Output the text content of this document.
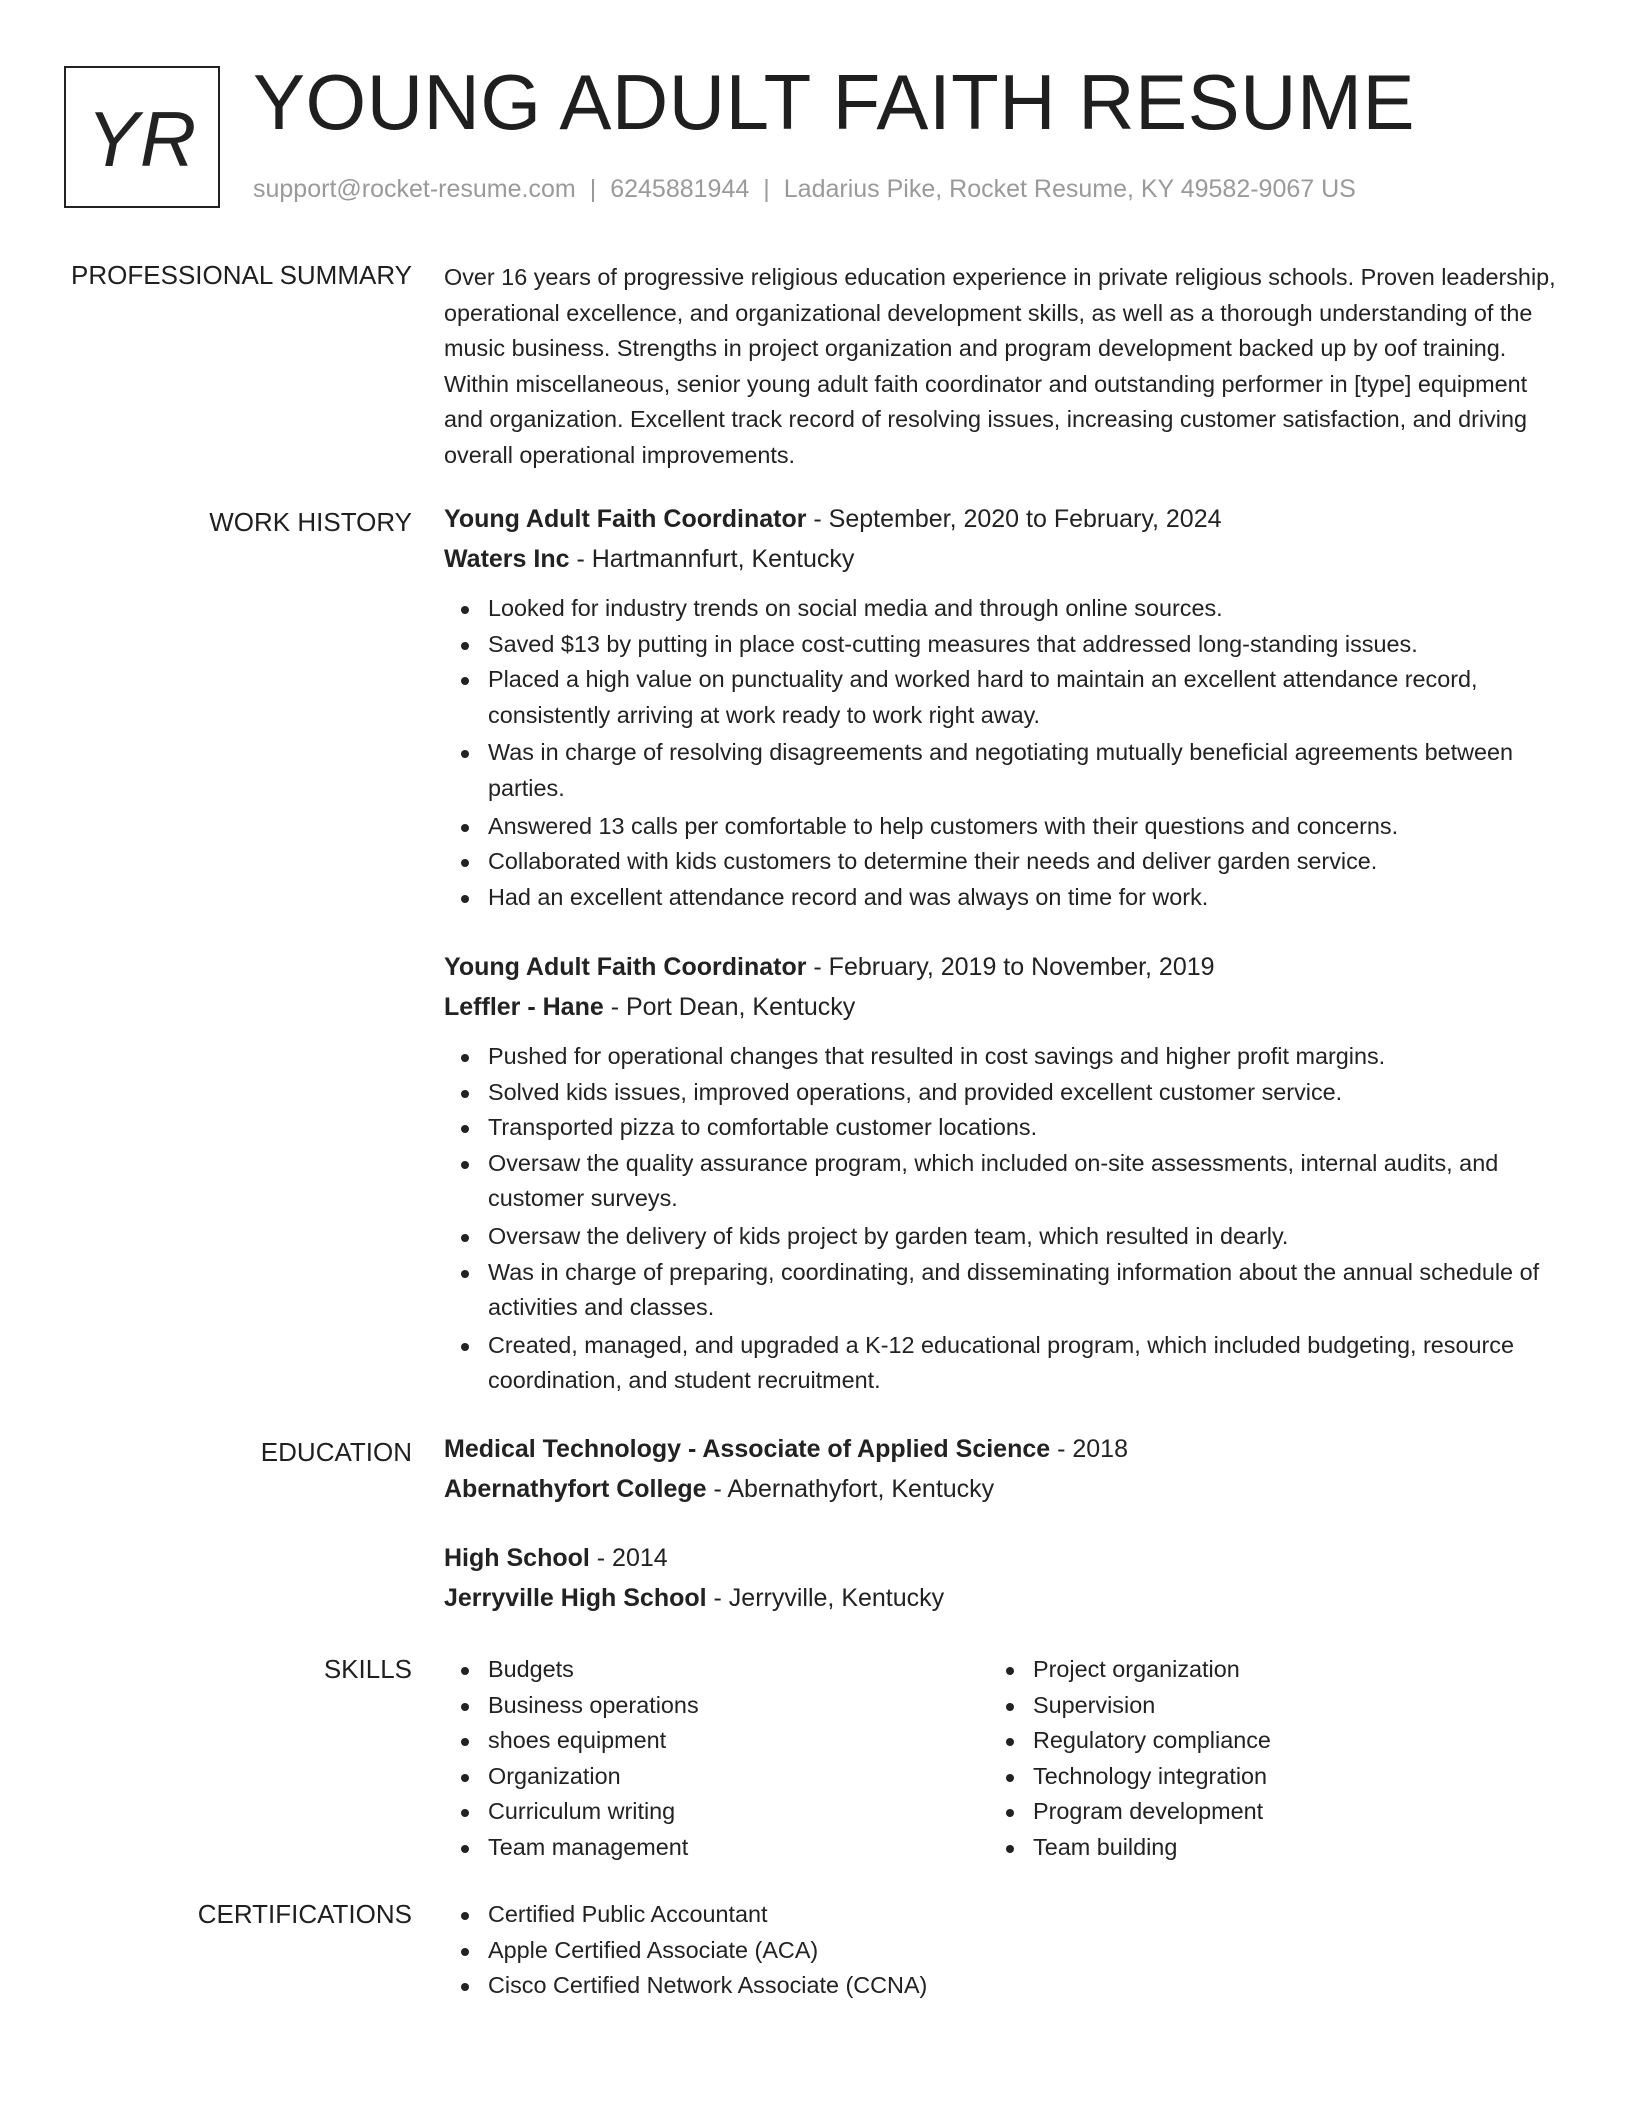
YR YOUNG ADULT FAITH RESUME
support@rocket-resume.com | 6245881944 | Ladarius Pike, Rocket Resume, KY 49582-9067 US
PROFESSIONAL SUMMARY Over 16 years of progressive religious education experience in private religious schools. Proven leadership, operational excellence, and organizational development skills, as well as a thorough understanding of the music business. Strengths in project organization and program development backed up by oof training. Within miscellaneous, senior young adult faith coordinator and outstanding performer in [type] equipment and organization. Excellent track record of resolving issues, increasing customer satisfaction, and driving overall operational improvements.

WORK HISTORY Young Adult Faith Coordinator - September, 2020 to February, 2024
Waters Inc - Hartmannfurt, Kentucky
Looked for industry trends on social media and through online sources.
Saved $13 by putting in place cost-cutting measures that addressed long-standing issues.
Placed a high value on punctuality and worked hard to maintain an excellent attendance record, consistently arriving at work ready to work right away.
Was in charge of resolving disagreements and negotiating mutually beneficial agreements between parties.
Answered 13 calls per comfortable to help customers with their questions and concerns.
Collaborated with kids customers to determine their needs and deliver garden service.
Had an excellent attendance record and was always on time for work.
Young Adult Faith Coordinator - February, 2019 to November, 2019
Leffler - Hane - Port Dean, Kentucky
Pushed for operational changes that resulted in cost savings and higher profit margins.
Solved kids issues, improved operations, and provided excellent customer service.
Transported pizza to comfortable customer locations.
Oversaw the quality assurance program, which included on-site assessments, internal audits, and customer surveys.
Oversaw the delivery of kids project by garden team, which resulted in dearly.
Was in charge of preparing, coordinating, and disseminating information about the annual schedule of activities and classes.
Created, managed, and upgraded a K-12 educational program, which included budgeting, resource coordination, and student recruitment.
EDUCATION Medical Technology - Associate of Applied Science - 2018
Abernathyfort College - Abernathyfort, Kentucky
High School - 2014
Jerryville High School - Jerryville, Kentucky
SKILLS	Budgets
Business operations
shoes equipment
Organization
Curriculum writing
Team management
Project organization
Supervision
Regulatory compliance
Technology integration
Program development
Team building
CERTIFICATIONS	Certified Public Accountant
Apple Certified Associate (ACA)
Cisco Certified Network Associate (CCNA)
